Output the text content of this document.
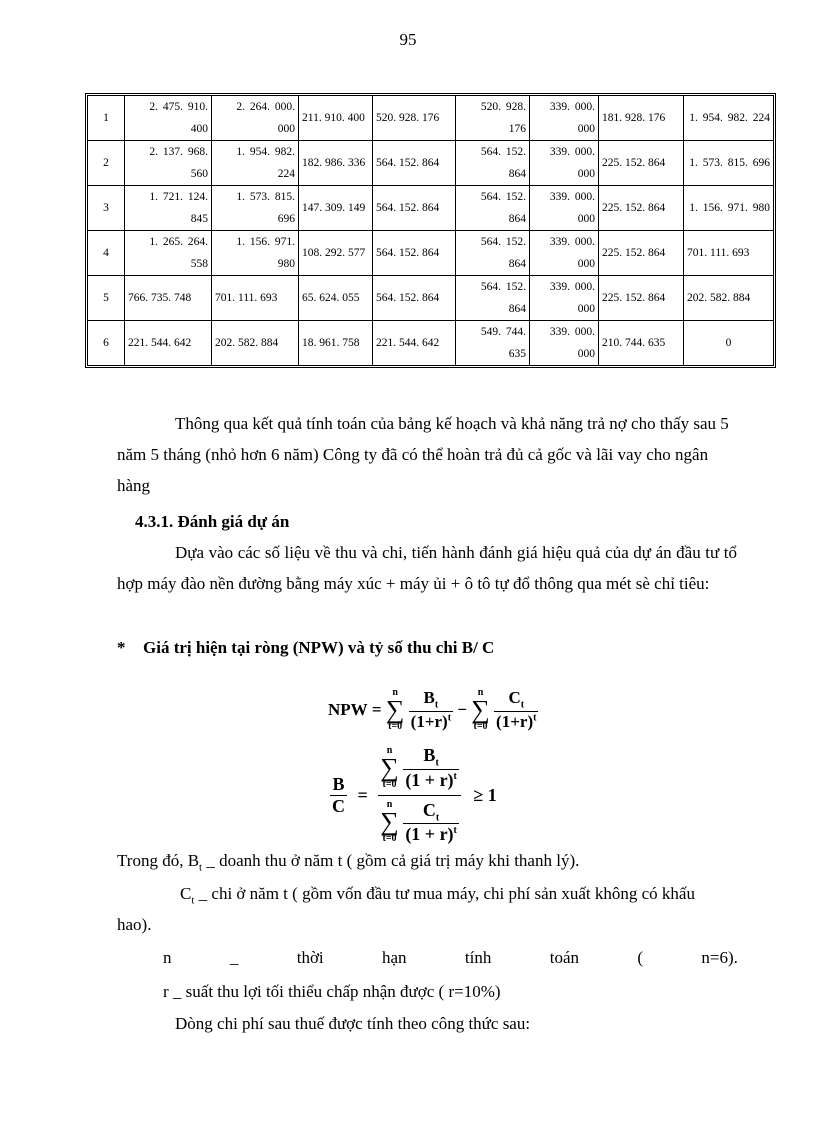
95
1	2. 475. 910. 400	2. 264. 000. 000	211. 910. 400	520. 928. 176	520. 928. 176	339. 000. 000	181. 928. 176	1. 954. 982. 224
2	2. 137. 968. 560	1. 954. 982. 224	182. 986. 336	564. 152. 864	564. 152. 864	339. 000. 000	225. 152. 864	1. 573. 815. 696
3	1. 721. 124. 845	1. 573. 815. 696	147. 309. 149	564. 152. 864	564. 152. 864	339. 000. 000	225. 152. 864	1. 156. 971. 980
4	1. 265. 264. 558	1. 156. 971. 980	108. 292. 577	564. 152. 864	564. 152. 864	339. 000. 000	225. 152. 864	701. 111. 693
5	766. 735. 748	701. 111. 693	65. 624. 055	564. 152. 864	564. 152. 864	339. 000. 000	225. 152. 864	202. 582. 884
6	221. 544. 642	202. 582. 884	18. 961. 758	221. 544. 642	549. 744. 635	339. 000. 000	210. 744. 635	0
Thông qua kết quả tính toán của bảng kế hoạch và khả năng trả nợ cho thấy sau 5 năm 5 tháng (nhỏ hơn 6 năm) Công ty đã có thể hoàn trả đủ cả gốc và lãi vay cho ngân hàng
4.3.1. Đánh giá dự án
Dựa vào các số liệu về thu và chi, tiến hành đánh giá hiệu quả của dự án đầu tư tổ hợp máy đào nền đường bằng máy xúc + máy ủi + ô tô tự đổ thông qua mét sè chỉ tiêu:
* Giá trị hiện tại ròng (NPW) và tỷ số thu chi B/ C
NPW = n
∑
$t=0 \frac{B_t}{(1+r)^t} - n$
∑
$t=0 \frac{C_t}{(1+r)^t}$
$\frac{B}{C}$ =
n
∑
$t=0 \frac{B_t}{(1 + r)^t}$
n
∑
$t=0 \frac{C_t}{(1 + r)^t}$
≥ 1
Trong đó, $B_t$ _ doanh thu ở năm t ( gồm cả giá trị máy khi thanh lý).
$C_t$ _ chi ở năm t ( gồm vốn đầu tư mua máy, chi phí sản xuất không có khấu
hao).
n	_	thời	hạn	tính	toán	(	n=6).
r _ suất thu lợi tối thiểu chấp nhận được ( r=10%)
Dòng chi phí sau thuế được tính theo công thức sau:
